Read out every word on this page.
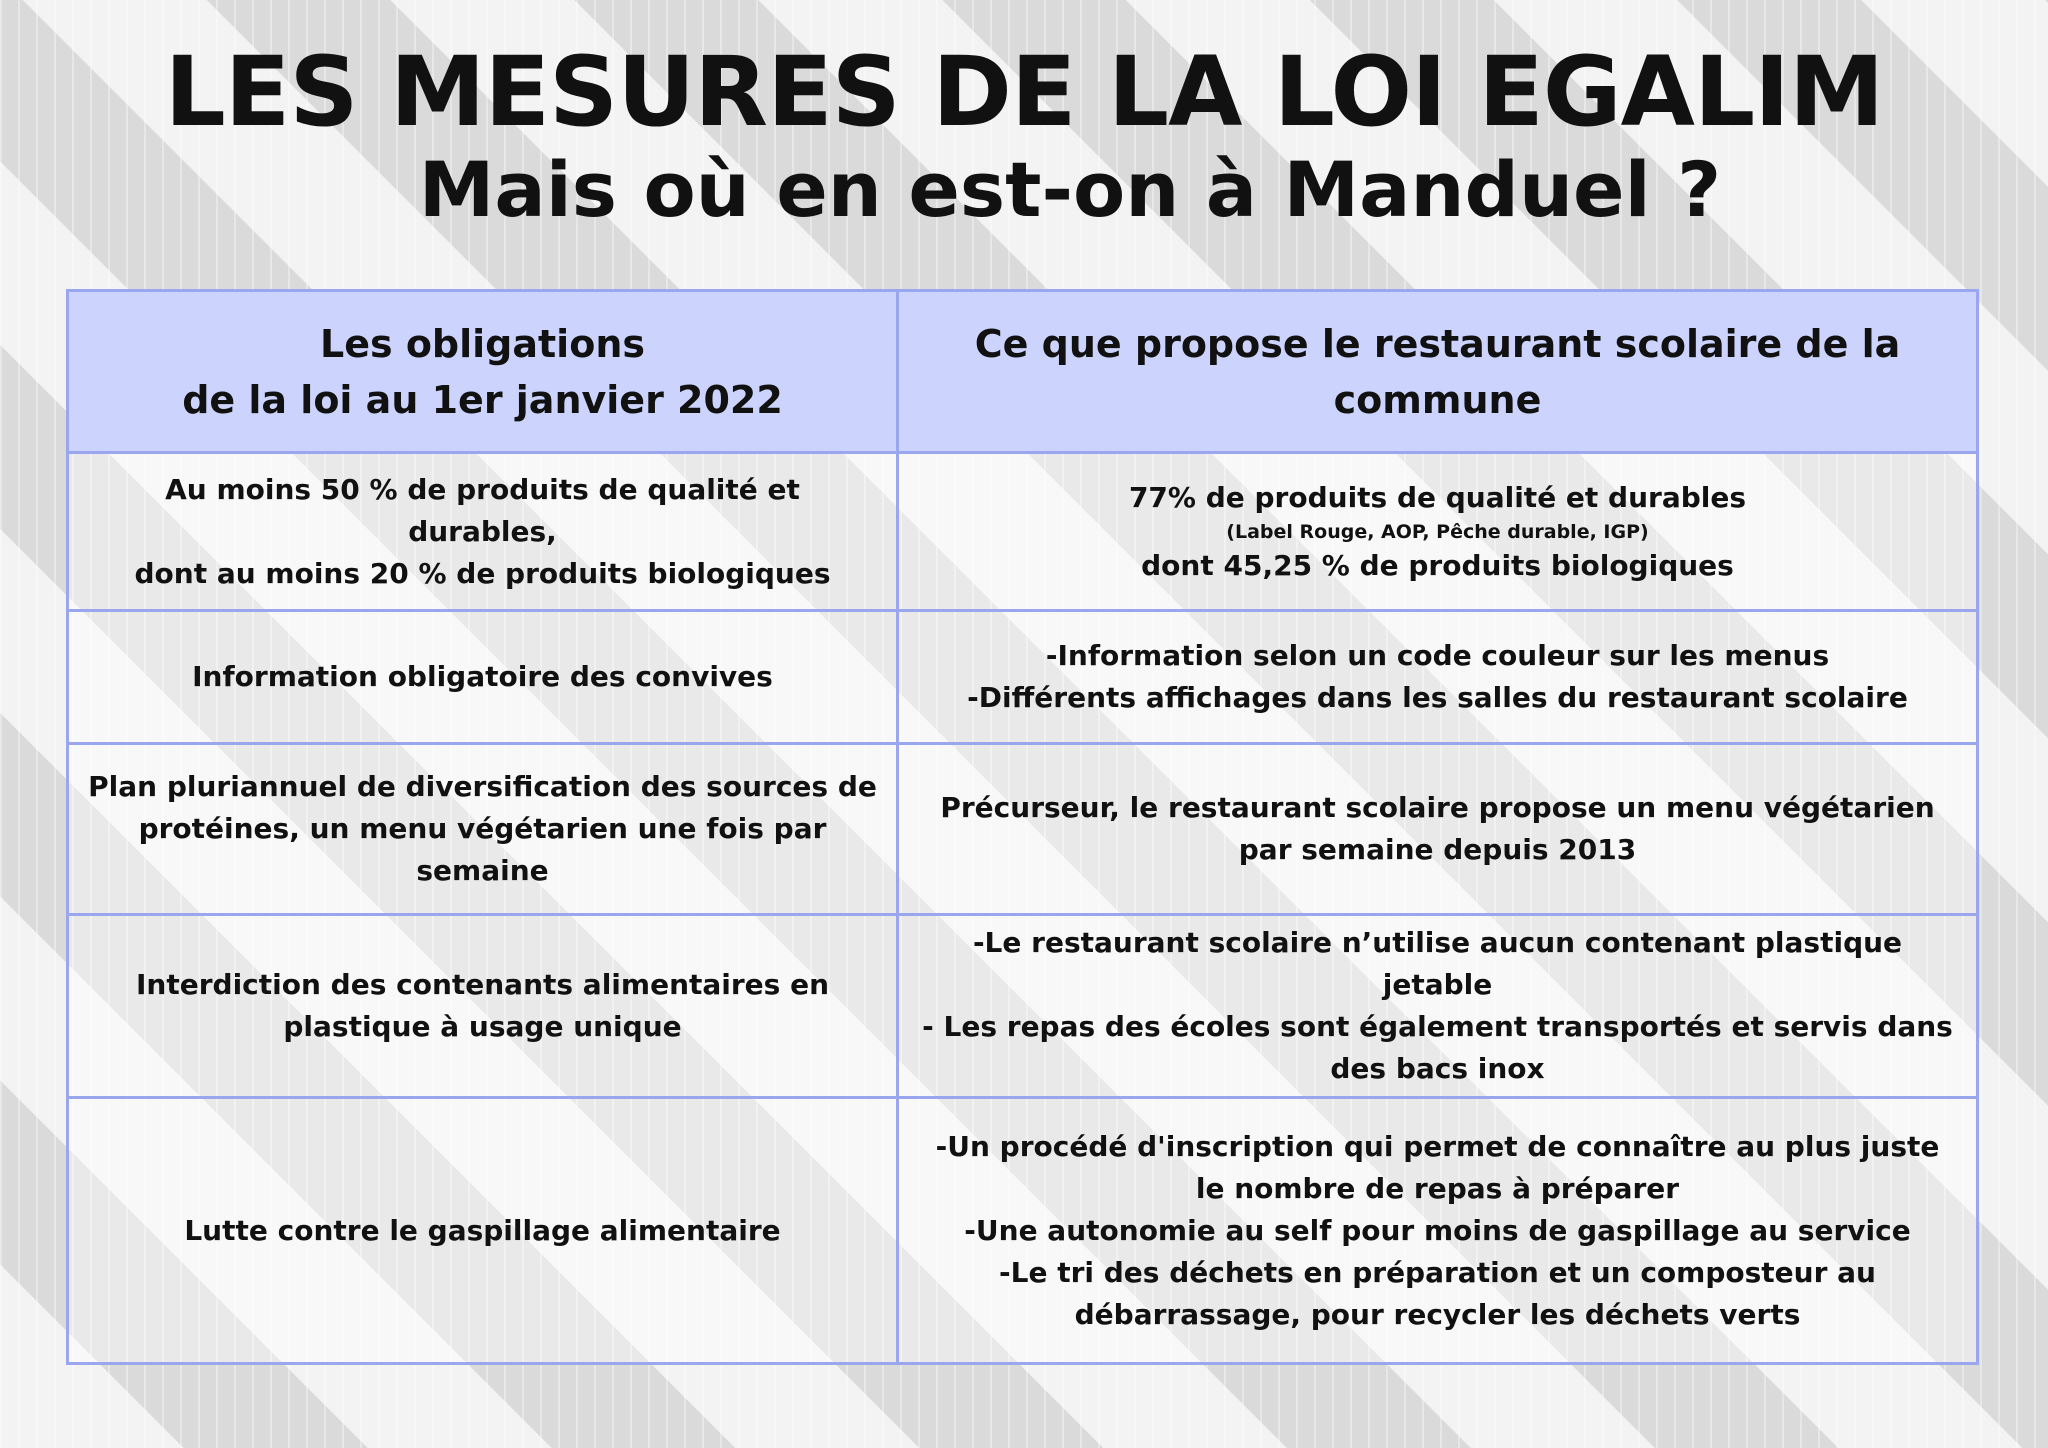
LES MESURES DE LA LOI EGALIM
Mais où en est-on à Manduel ?
Les obligations
de la loi au 1er janvier 2022	Ce que propose le restaurant scolaire de la commune

Au moins 50 % de produits de qualité et durables,
dont au moins 20 % de produits biologiques	77% de produits de qualité et durables
(Label Rouge, AOP, Pêche durable, IGP)
dont 45,25 % de produits biologiques

Information obligatoire des convives	-Information selon un code couleur sur les menus
-Différents affichages dans les salles du restaurant scolaire

Plan pluriannuel de diversification des sources de protéines, un menu végétarien une fois par semaine	Précurseur, le restaurant scolaire propose un menu végétarien par semaine depuis 2013

Interdiction des contenants alimentaires en plastique à usage unique	-Le restaurant scolaire n’utilise aucun contenant plastique jetable
- Les repas des écoles sont également transportés et servis dans des bacs inox

Lutte contre le gaspillage alimentaire	-Un procédé d'inscription qui permet de connaître au plus juste le nombre de repas à préparer
-Une autonomie au self pour moins de gaspillage au service
-Le tri des déchets en préparation et un composteur au débarrassage, pour recycler les déchets verts
